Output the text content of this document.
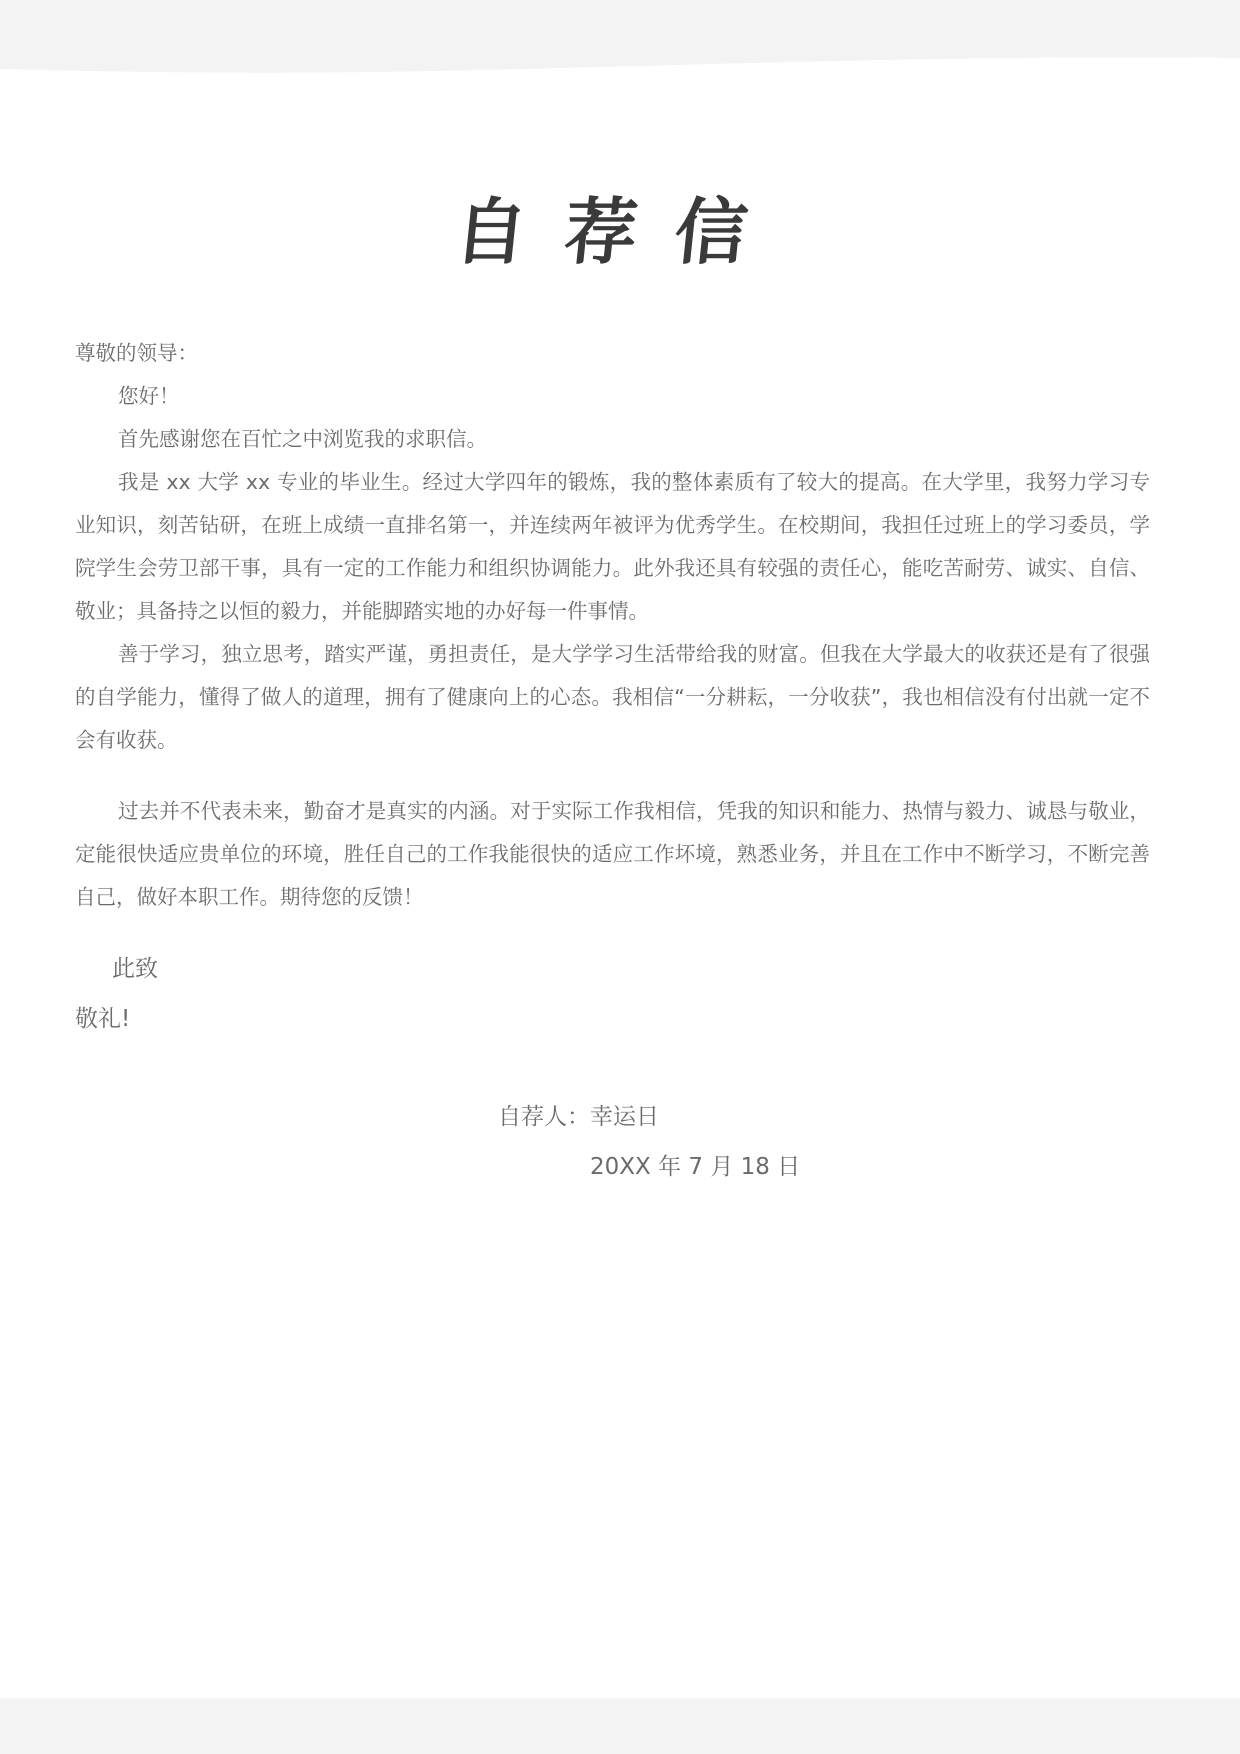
自荐信
尊敬的领导：
您好！
首先感谢您在百忙之中浏览我的求职信。
我是 xx 大学 xx 专业的毕业生。经过大学四年的锻炼，我的整体素质有了较大的提高。在大学里，我努力学习专业知识，刻苦钻研，在班上成绩一直排名第一，并连续两年被评为优秀学生。在校期间，我担任过班上的学习委员，学院学生会劳卫部干事，具有一定的工作能力和组织协调能力。此外我还具有较强的责任心，能吃苦耐劳、诚实、自信、敬业；具备持之以恒的毅力，并能脚踏实地的办好每一件事情。
善于学习，独立思考，踏实严谨，勇担责任，是大学学习生活带给我的财富。但我在大学最大的收获还是有了很强的自学能力，懂得了做人的道理，拥有了健康向上的心态。我相信“一分耕耘，一分收获”，我也相信没有付出就一定不会有收获。
过去并不代表未来，勤奋才是真实的内涵。对于实际工作我相信，凭我的知识和能力、热情与毅力、诚恳与敬业，定能很快适应贵单位的环境，胜任自己的工作我能很快的适应工作坏境，熟悉业务，并且在工作中不断学习，不断完善自己，做好本职工作。期待您的反馈！
此致
敬礼!
自荐人：幸运日
20XX 年 7 月 18 日
